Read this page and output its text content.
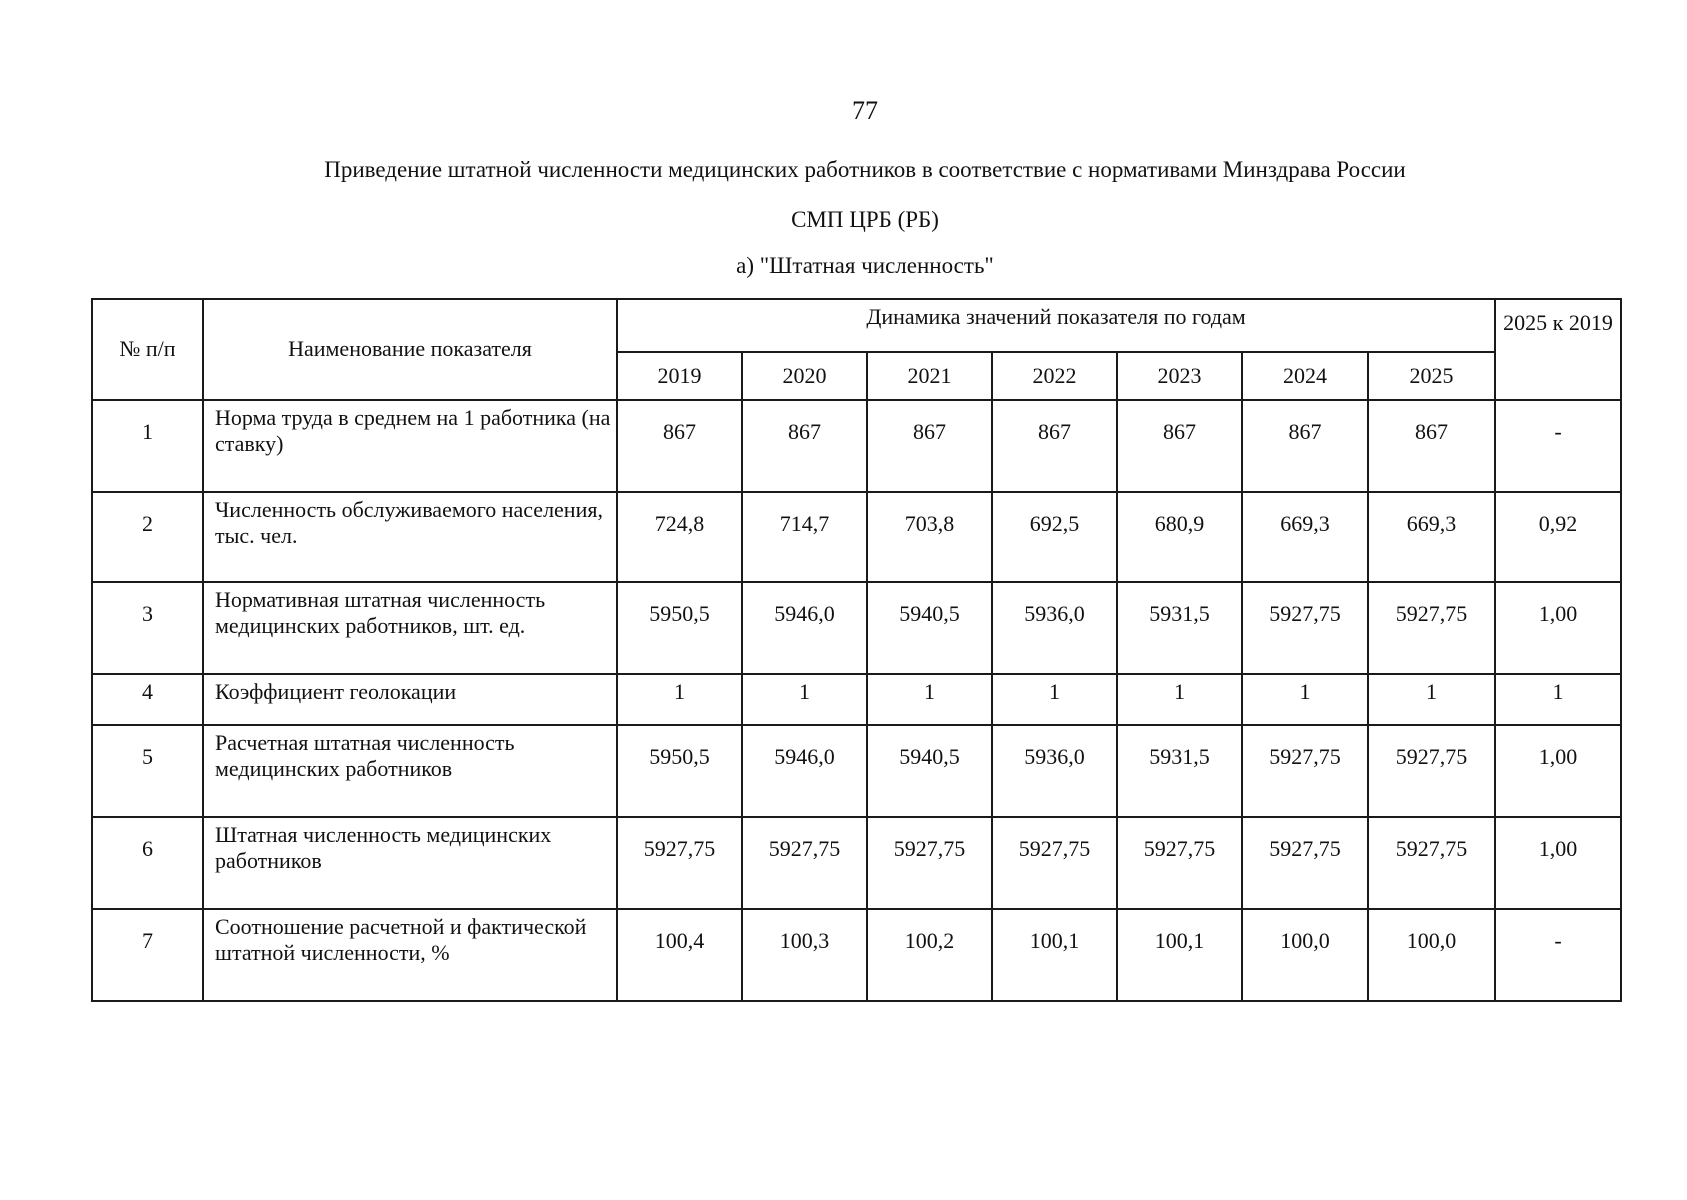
77
Приведение штатной численности медицинских работников в соответствие с нормативами Минздрава России
СМП ЦРБ (РБ)
а) "Штатная численность"
№ п/п	Наименование показателя	Динамика значений показателя по годам							2025 к 2019
		2019	2020	2021	2022	2023	2024	2025	
1	Норма труда в среднем на 1 работника (на ставку)	867	867	867	867	867	867	867	-
2	Численность обслуживаемого населения, тыс. чел.	724,8	714,7	703,8	692,5	680,9	669,3	669,3	0,92
3	Нормативная штатная численность медицинских работников, шт. ед.	5950,5	5946,0	5940,5	5936,0	5931,5	5927,75	5927,75	1,00
4	Коэффициент геолокации	1	1	1	1	1	1	1	1
5	Расчетная штатная численность медицинских работников	5950,5	5946,0	5940,5	5936,0	5931,5	5927,75	5927,75	1,00
6	Штатная численность медицинских работников	5927,75	5927,75	5927,75	5927,75	5927,75	5927,75	5927,75	1,00
7	Соотношение расчетной и фактической штатной численности, %	100,4	100,3	100,2	100,1	100,1	100,0	100,0	-
